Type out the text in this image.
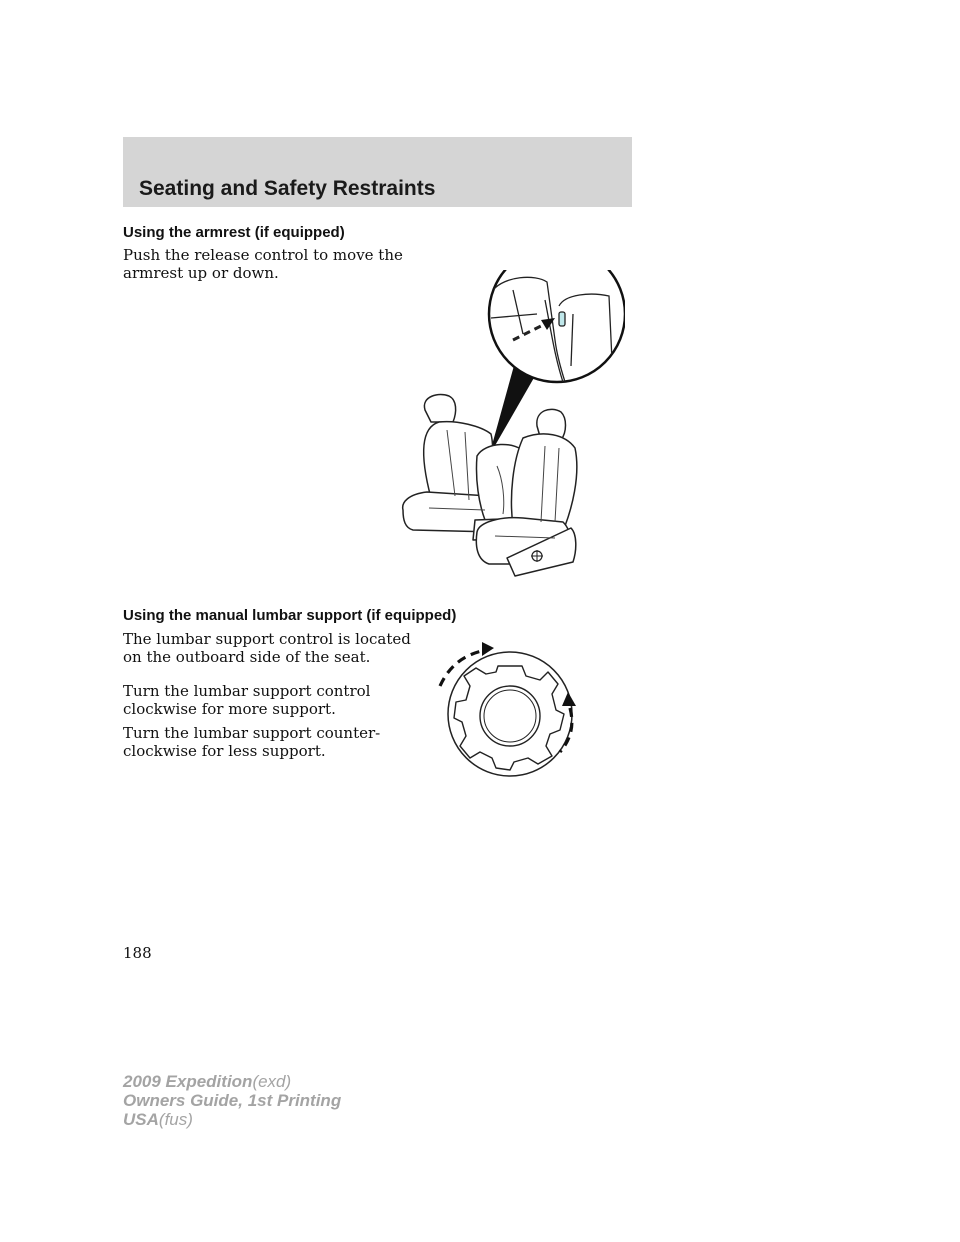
Seating and Safety Restraints
Using the armrest (if equipped)
Push the release control to move the armrest up or down.
Using the manual lumbar support (if equipped)
The lumbar support control is located on the outboard side of the seat.
Turn the lumbar support control clockwise for more support.
Turn the lumbar support counter-clockwise for less support.
188
2009 Expedition(exd)
Owners Guide, 1st Printing
USA(fus)
